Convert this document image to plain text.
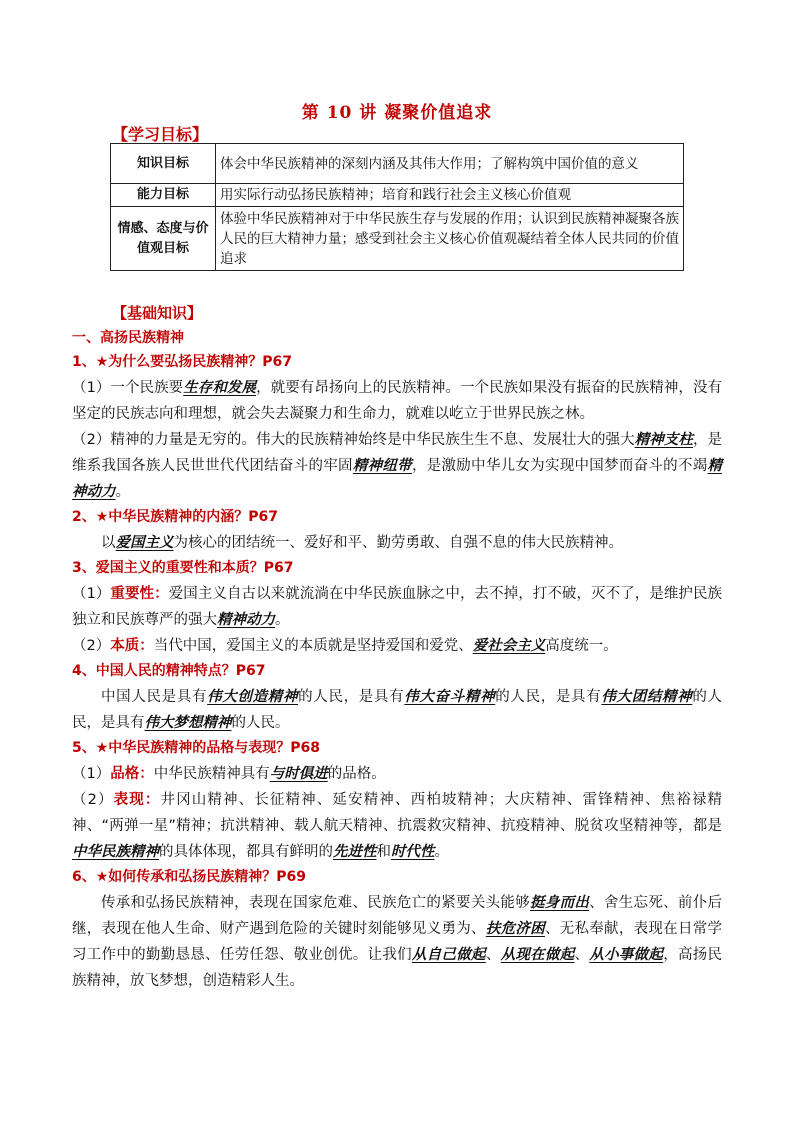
第 10 讲 凝聚价值追求
【学习目标】
知识目标	体会中华民族精神的深刻内涵及其伟大作用；了解构筑中国价值的意义
能力目标	用实际行动弘扬民族精神；培育和践行社会主义核心价值观
情感、态度与价值观目标	体验中华民族精神对于中华民族生存与发展的作用；认识到民族精神凝聚各族人民的巨大精神力量；感受到社会主义核心价值观凝结着全体人民共同的价值追求
【基础知识】
一、高扬民族精神
1、★为什么要弘扬民族精神？P67
（1）一个民族要生存和发展，就要有昂扬向上的民族精神。一个民族如果没有振奋的民族精神，没有坚定的民族志向和理想，就会失去凝聚力和生命力，就难以屹立于世界民族之林。
（2）精神的力量是无穷的。伟大的民族精神始终是中华民族生生不息、发展壮大的强大精神支柱，是维系我国各族人民世世代代团结奋斗的牢固精神纽带，是激励中华儿女为实现中国梦而奋斗的不竭精神动力。
2、★中华民族精神的内涵？P67
以爱国主义为核心的团结统一、爱好和平、勤劳勇敢、自强不息的伟大民族精神。
3、爱国主义的重要性和本质？P67
（1）重要性：爱国主义自古以来就流淌在中华民族血脉之中，去不掉，打不破，灭不了，是维护民族独立和民族尊严的强大精神动力。
（2）本质：当代中国，爱国主义的本质就是坚持爱国和爱党、爱社会主义高度统一。
4、中国人民的精神特点？P67
中国人民是具有伟大创造精神的人民，是具有伟大奋斗精神的人民，是具有伟大团结精神的人民，是具有伟大梦想精神的人民。
5、★中华民族精神的品格与表现？P68
（1）品格：中华民族精神具有与时俱进的品格。
（2）表现：井冈山精神、长征精神、延安精神、西柏坡精神；大庆精神、雷锋精神、焦裕禄精神、“两弹一星”精神；抗洪精神、载人航天精神、抗震救灾精神、抗疫精神、脱贫攻坚精神等，都是中华民族精神的具体体现，都具有鲜明的先进性和时代性。
6、★如何传承和弘扬民族精神？P69
传承和弘扬民族精神，表现在国家危难、民族危亡的紧要关头能够挺身而出、舍生忘死、前仆后继，表现在他人生命、财产遇到危险的关键时刻能够见义勇为、扶危济困、无私奉献，表现在日常学习工作中的勤勤恳恳、任劳任怨、敬业创优。让我们从自己做起、从现在做起、从小事做起，高扬民族精神，放飞梦想，创造精彩人生。
